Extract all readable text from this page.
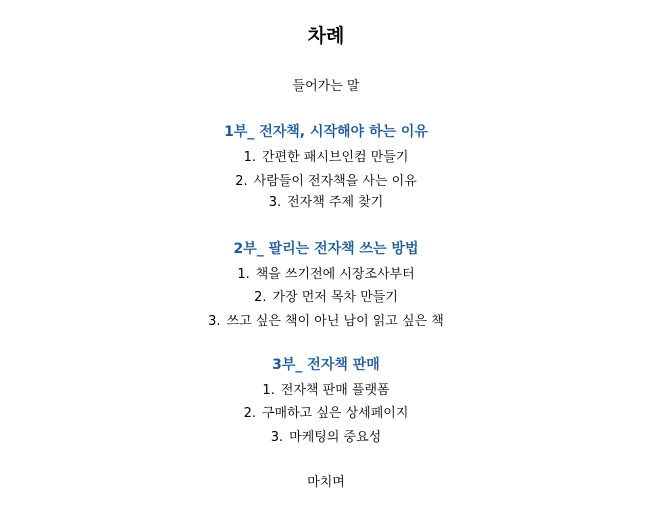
차례
들어가는 말
1부_ 전자책, 시작해야 하는 이유
1. 간편한 패시브인컴 만들기
2. 사람들이 전자책을 사는 이유
3. 전자책 주제 찾기
2부_ 팔리는 전자책 쓰는 방법
1. 책을 쓰기전에 시장조사부터
2. 가장 먼저 목차 만들기
3. 쓰고 싶은 책이 아닌 남이 읽고 싶은 책
3부_ 전자책 판매
1. 전자책 판매 플랫폼
2. 구매하고 싶은 상세페이지
3. 마케팅의 중요성
마치며
